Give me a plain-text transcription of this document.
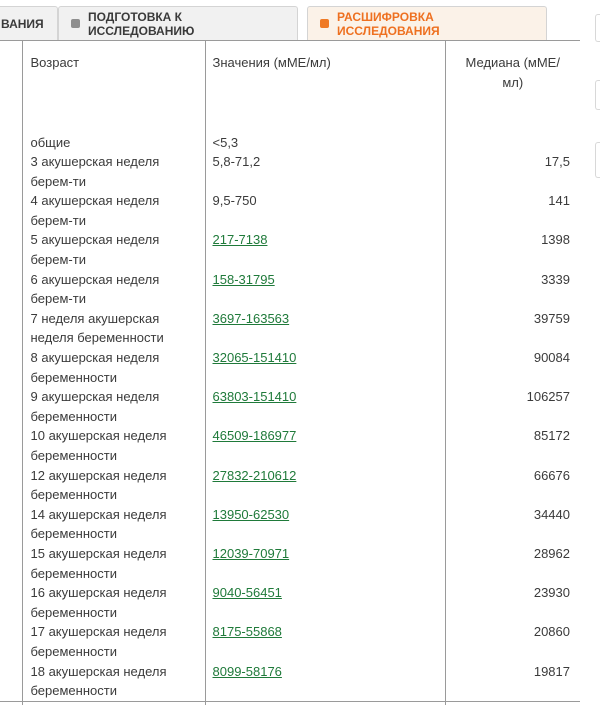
ВАНИЯ	ПОДГОТОВКА К ИССЛЕДОВАНИЮ
РАСШИФРОВКА ИССЛЕДОВАНИЯ
	Возраст	Значения (мМЕ/мл)	Медиана (мМЕ/мл)
	общие	<5,3	
	3 акушерская неделя берем-ти	5,8-71,2	17,5
	4 акушерская неделя берем-ти	9,5-750	141
	5 акушерская неделя берем-ти	217-7138	1398
	6 акушерская неделя берем-ти	158-31795	3339
	7 неделя акушерская неделя беременности	3697-163563	39759
	8 акушерская неделя беременности	32065-151410	90084
	9 акушерская неделя беременности	63803-151410	106257
	10 акушерская неделя беременности	46509-186977	85172
	12 акушерская неделя беременности	27832-210612	66676
	14 акушерская неделя беременности	13950-62530	34440
	15 акушерская неделя беременности	12039-70971	28962
	16 акушерская неделя беременности	9040-56451	23930
	17 акушерская неделя беременности	8175-55868	20860
	18 акушерская неделя беременности	8099-58176	19817
